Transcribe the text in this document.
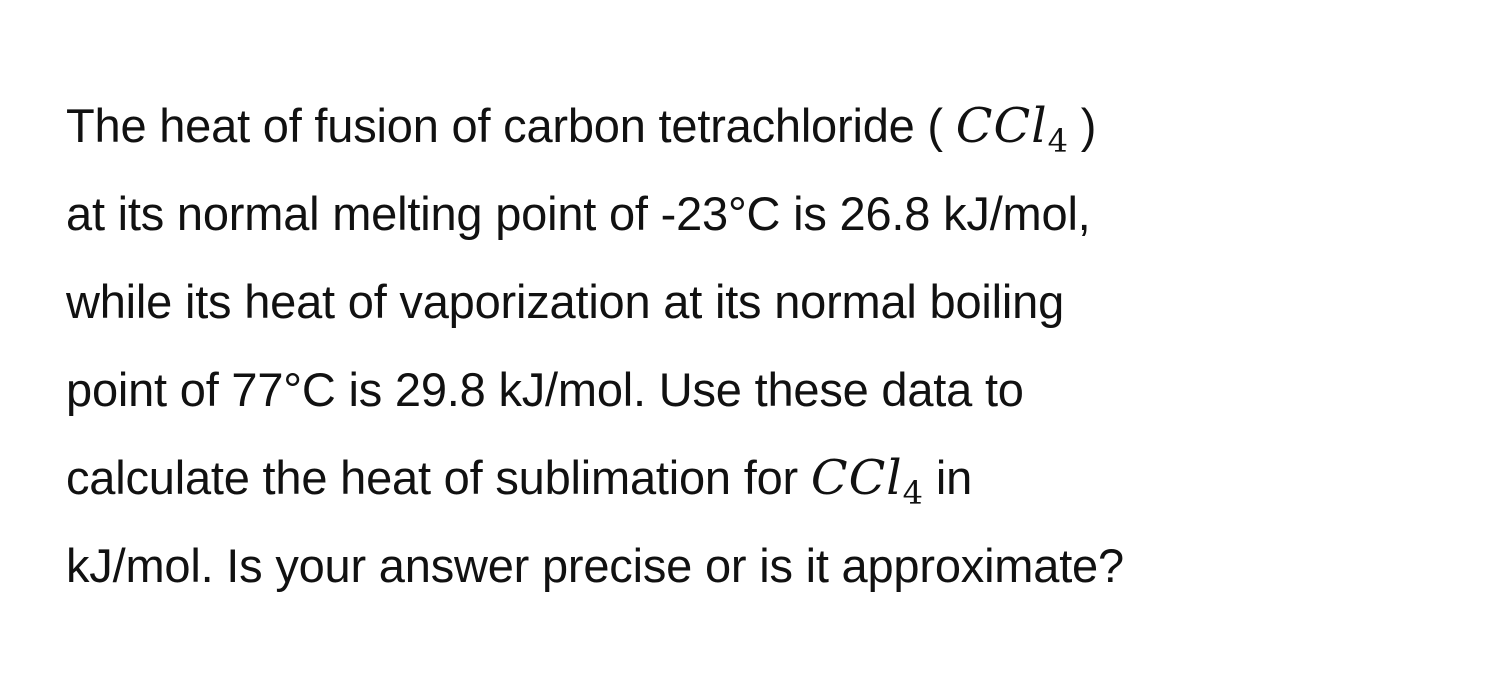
The heat of fusion of carbon tetrachloride ( CCl$_4$ )
at its normal melting point of -23°C is 26.8 kJ/mol,
while its heat of vaporization at its normal boiling
point of 77°C is 29.8 kJ/mol. Use these data to
calculate the heat of sublimation for CCl$_4$ in
kJ/mol. Is your answer precise or is it approximate?
